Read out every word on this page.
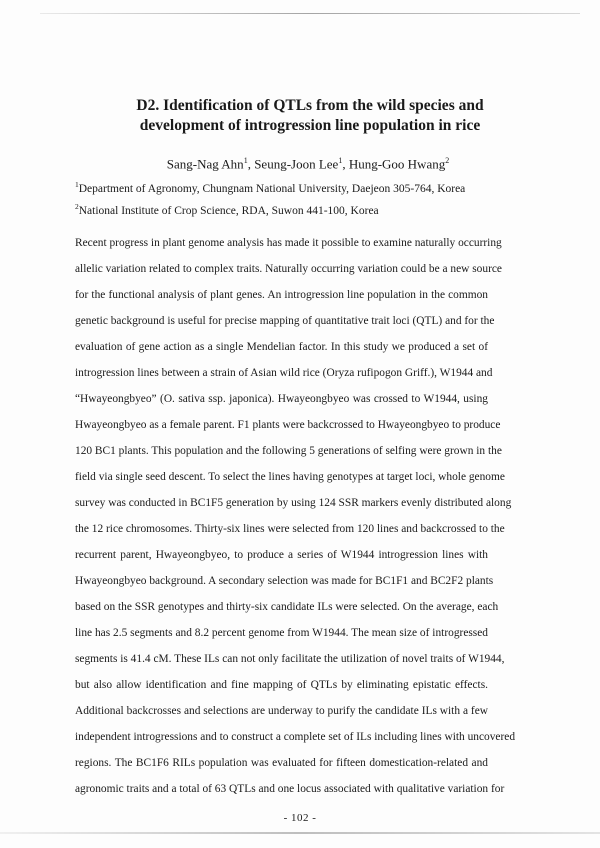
D2. Identification of QTLs from the wild species and
development of introgression line population in rice
Sang-Nag Ahn$^1$, Seung-Joon Lee$^1$, Hung-Goo Hwang$^2$
$^1$Department of Agronomy, Chungnam National University, Daejeon 305-764, Korea
$^2$National Institute of Crop Science, RDA, Suwon 441-100, Korea
Recent progress in plant genome analysis has made it possible to examine naturally occurring
allelic variation related to complex traits. Naturally occurring variation could be a new source
for the functional analysis of plant genes. An introgression line population in the common
genetic background is useful for precise mapping of quantitative trait loci (QTL) and for the
evaluation of gene action as a single Mendelian factor. In this study we produced a set of
introgression lines between a strain of Asian wild rice (Oryza rufipogon Griff.), W1944 and
“Hwayeongbyeo” (O. sativa ssp. japonica). Hwayeongbyeo was crossed to W1944, using
Hwayeongbyeo as a female parent. F1 plants were backcrossed to Hwayeongbyeo to produce
120 BC1 plants. This population and the following 5 generations of selfing were grown in the
field via single seed descent. To select the lines having genotypes at target loci, whole genome
survey was conducted in BC1F5 generation by using 124 SSR markers evenly distributed along
the 12 rice chromosomes. Thirty-six lines were selected from 120 lines and backcrossed to the
recurrent parent, Hwayeongbyeo, to produce a series of W1944 introgression lines with
Hwayeongbyeo background. A secondary selection was made for BC1F1 and BC2F2 plants
based on the SSR genotypes and thirty-six candidate ILs were selected. On the average, each
line has 2.5 segments and 8.2 percent genome from W1944. The mean size of introgressed
segments is 41.4 cM. These ILs can not only facilitate the utilization of novel traits of W1944,
but also allow identification and fine mapping of QTLs by eliminating epistatic effects.
Additional backcrosses and selections are underway to purify the candidate ILs with a few
independent introgressions and to construct a complete set of ILs including lines with uncovered
regions. The BC1F6 RILs population was evaluated for fifteen domestication-related and
agronomic traits and a total of 63 QTLs and one locus associated with qualitative variation for
- 102 -
